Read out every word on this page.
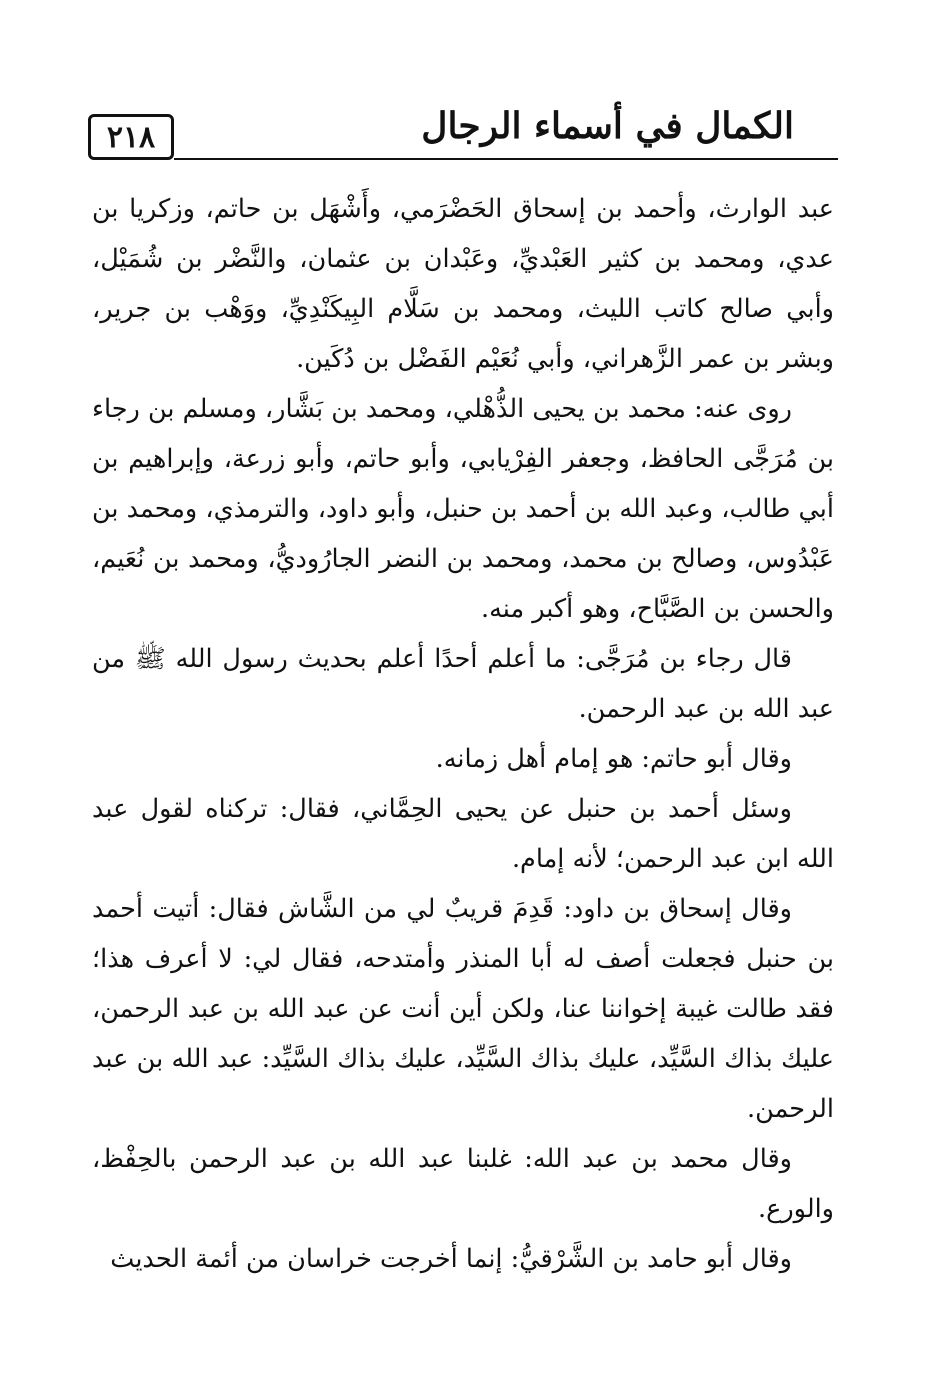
٢١٨	الكمال في أسماء الرجال

عبد الوارث، وأحمد بن إسحاق الحَضْرَمي، وأَشْهَل بن حاتم، وزكريا بن عدي، ومحمد بن كثير العَبْديِّ، وعَبْدان بن عثمان، والنَّضْر بن شُمَيْل، وأبي صالح كاتب الليث، ومحمد بن سَلَّام البِيكَنْدِيِّ، ووَهْب بن جرير، وبشر بن عمر الزَّهراني، وأبي نُعَيْم الفَضْل بن دُكَين.

روى عنه: محمد بن يحيى الذُّهْلي، ومحمد بن بَشَّار، ومسلم بن رجاء بن مُرَجَّى الحافظ، وجعفر الفِرْيابي، وأبو حاتم، وأبو زرعة، وإبراهيم بن أبي طالب، وعبد الله بن أحمد بن حنبل، وأبو داود، والترمذي، ومحمد بن عَبْدُوس، وصالح بن محمد، ومحمد بن النضر الجارُوديُّ، ومحمد بن نُعَيم، والحسن بن الصَّبَّاح، وهو أكبر منه.

قال رجاء بن مُرَجَّى: ما أعلم أحدًا أعلم بحديث رسول الله ﷺ من عبد الله بن عبد الرحمن.

وقال أبو حاتم: هو إمام أهل زمانه.

وسئل أحمد بن حنبل عن يحيى الحِمَّاني، فقال: تركناه لقول عبد الله ابن عبد الرحمن؛ لأنه إمام.

وقال إسحاق بن داود: قَدِمَ قريبٌ لي من الشَّاش فقال: أتيت أحمد بن حنبل فجعلت أصف له أبا المنذر وأمتدحه، فقال لي: لا أعرف هذا؛ فقد طالت غيبة إخواننا عنا، ولكن أين أنت عن عبد الله بن عبد الرحمن، عليك بذاك السَّيِّد، عليك بذاك السَّيِّد، عليك بذاك السَّيِّد: عبد الله بن عبد الرحمن.

وقال محمد بن عبد الله: غلبنا عبد الله بن عبد الرحمن بالحِفْظ، والورع.

وقال أبو حامد بن الشَّرْقيُّ: إنما أخرجت خراسان من أئمة الحديث
